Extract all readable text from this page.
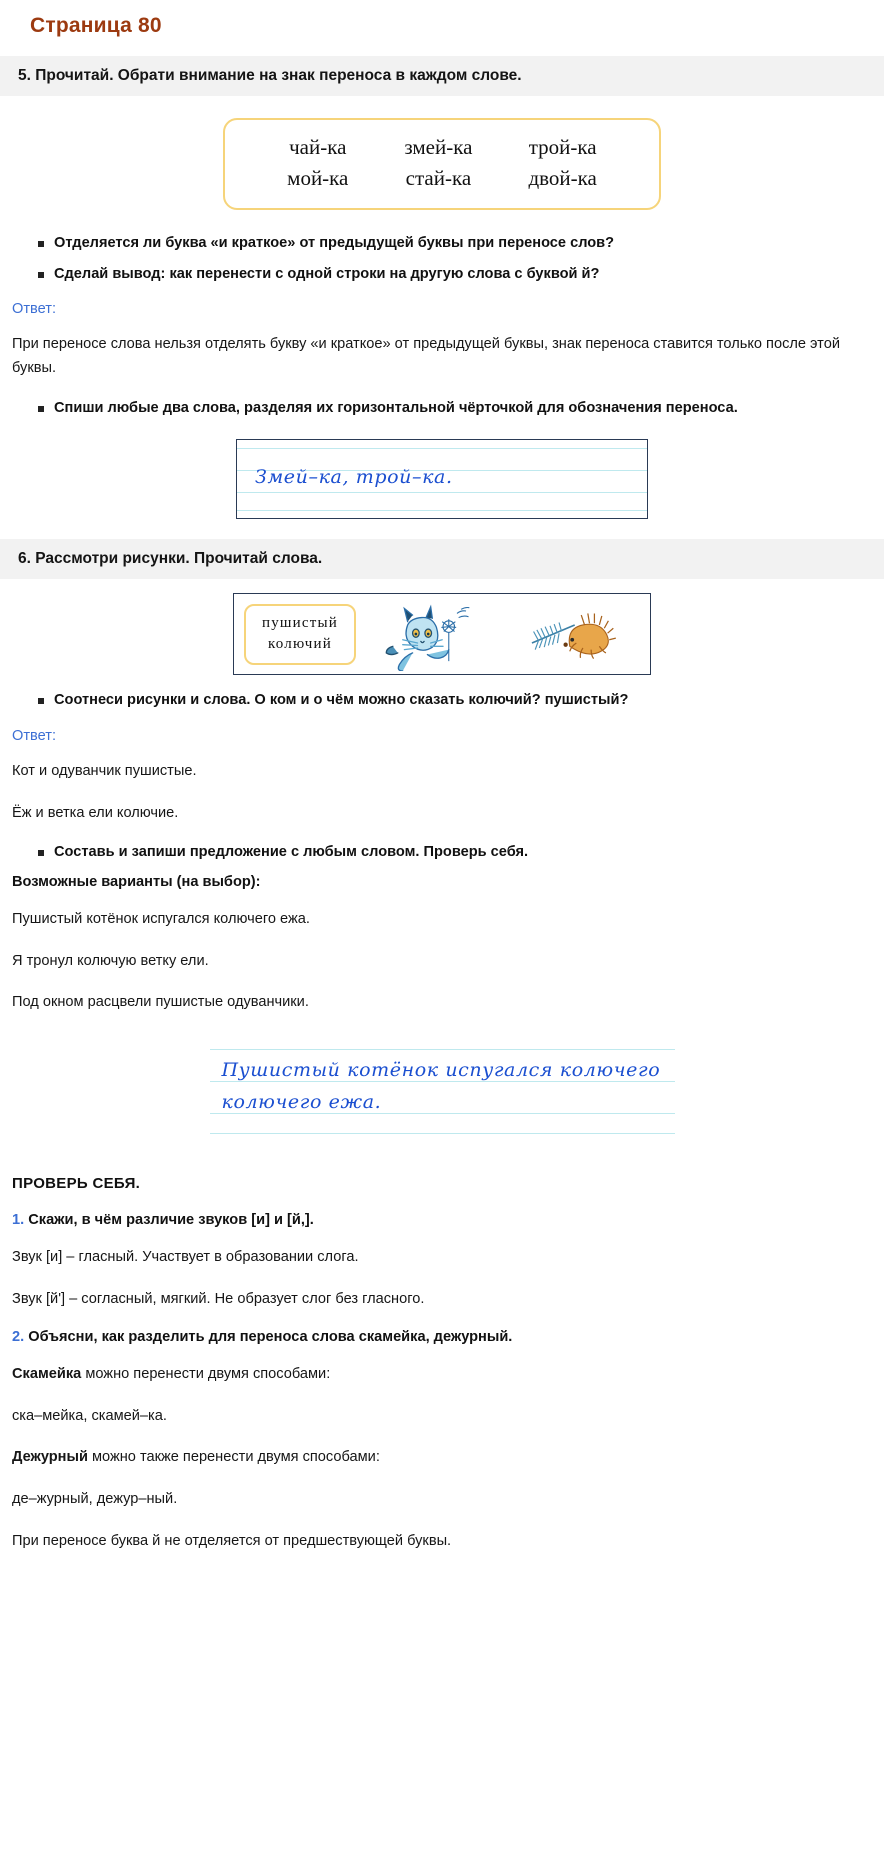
Страница 80
5. Прочитай. Обрати внимание на знак переноса в каждом слове.
чай-ка	змей-ка	трой-ка
мой-ка	стай-ка	двой-ка
Отделяется ли буква «и краткое» от предыдущей буквы при переносе слов?
Сделай вывод: как перенести с одной строки на другую слова с буквой й?
Ответ:

При переносе слова нельзя отделять букву «и краткое» от предыдущей буквы, знак переноса ставится только после этой буквы.

Спиши любые два слова, разделяя их горизонтальной чёрточкой для обозначения переноса.
Змей–ка, трой–ка.
6. Рассмотри рисунки. Прочитай слова.
пушистый
колючий
Соотнеси рисунки и слова. О ком и о чём можно сказать колючий? пушистый?
Ответ:

Кот и одуванчик пушистые.

Ёж и ветка ели колючие.

Составь и запиши предложение с любым словом. Проверь себя.
Возможные варианты (на выбор):

Пушистый котёнок испугался колючего ежа.

Я тронул колючую ветку ели.

Под окном расцвели пушистые одуванчики.

Пушистый котёнок испугался колючего
колючего ежа.
ПРОВЕРЬ СЕБЯ.
1. Скажи, в чём различие звуков [и] и [й,].

Звук [и] – гласный. Участвует в образовании слога.

Звук [й'] – согласный, мягкий. Не образует слог без гласного.

2. Объясни, как разделить для переноса слова скамейка, дежурный.

Скамейка можно перенести двумя способами:

ска–мейка, скамей–ка.

Дежурный можно также перенести двумя способами:

де–журный, дежур–ный.

При переносе буква й не отделяется от предшествующей буквы.
